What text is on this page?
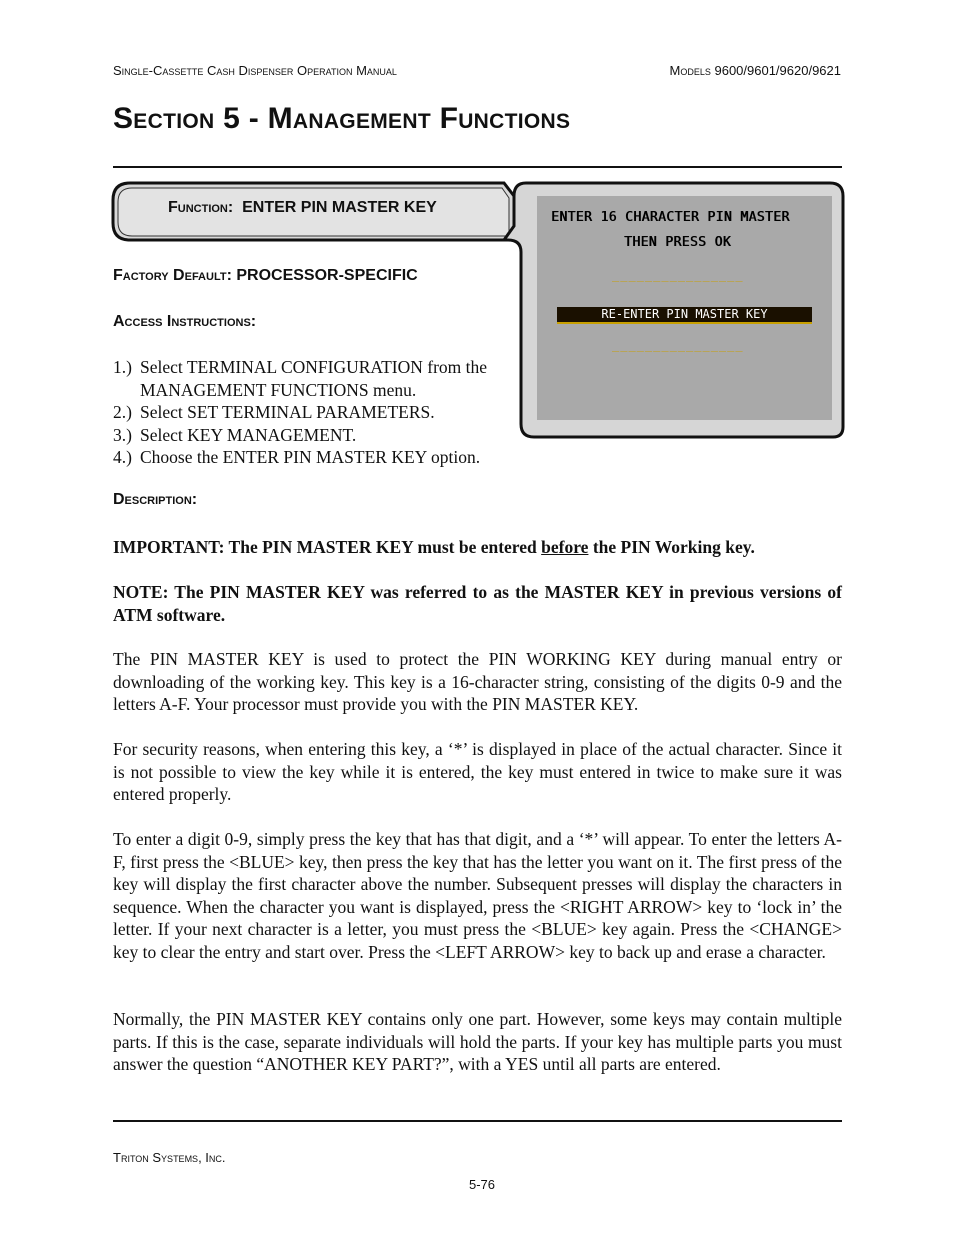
Single-Cassette Cash Dispenser Operation Manual	Models 9600/9601/9620/9621
Section 5 - Management Functions
Function: ENTER PIN MASTER KEY
ENTER 16 CHARACTER PIN MASTER
THEN PRESS OK
________________
RE-ENTER PIN MASTER KEY
________________
Factory Default: PROCESSOR-SPECIFIC
Access Instructions:
1.) Select TERMINAL CONFIGURATION from the MANAGEMENT FUNCTIONS menu.
2.) Select SET TERMINAL PARAMETERS.
3.) Select KEY MANAGEMENT.
4.) Choose the ENTER PIN MASTER KEY option.
Description:
IMPORTANT: The PIN MASTER KEY must be entered before the PIN Working key.
NOTE: The PIN MASTER KEY was referred to as the MASTER KEY in previous versions of ATM software.
The PIN MASTER KEY is used to protect the PIN WORKING KEY during manual entry or downloading of the working key. This key is a 16-character string, consisting of the digits 0-9 and the letters A-F. Your processor must provide you with the PIN MASTER KEY.
For security reasons, when entering this key, a ‘*’ is displayed in place of the actual character. Since it is not possible to view the key while it is entered, the key must entered in twice to make sure it was entered properly.
To enter a digit 0-9, simply press the key that has that digit, and a ‘*’ will appear. To enter the letters A-F, first press the <BLUE> key, then press the key that has the letter you want on it. The first press of the key will display the first character above the number. Subsequent presses will display the characters in sequence. When the character you want is displayed, press the <RIGHT ARROW> key to ‘lock in’ the letter. If your next character is a letter, you must press the <BLUE> key again. Press the <CHANGE> key to clear the entry and start over. Press the <LEFT ARROW> key to back up and erase a character.
Normally, the PIN MASTER KEY contains only one part. However, some keys may contain multiple parts. If this is the case, separate individuals will hold the parts. If your key has multiple parts you must answer the question “ANOTHER KEY PART?”, with a YES until all parts are entered.
Triton Systems, Inc.
5-76
